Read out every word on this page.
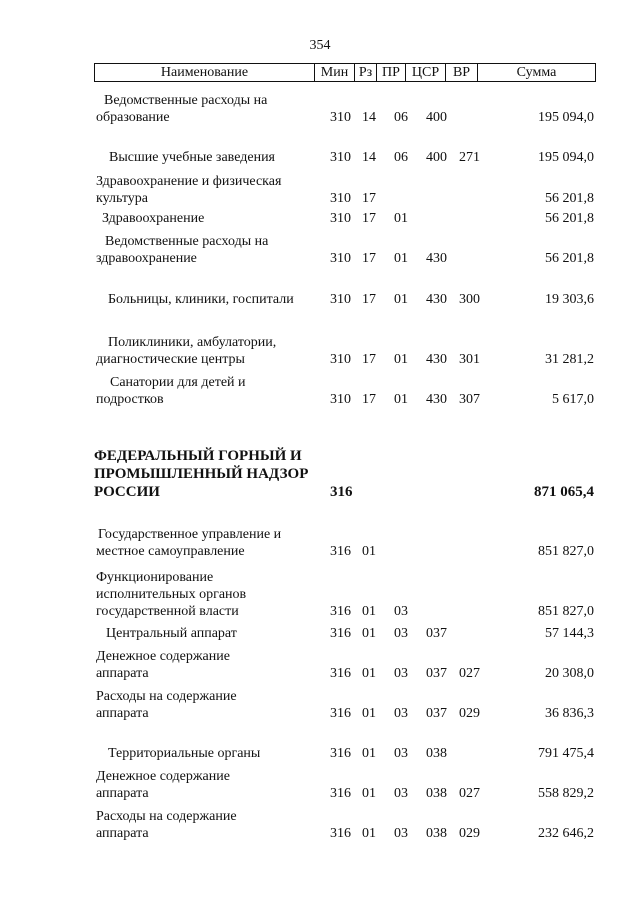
354
Наименование	Мин Рз ПР ЦСР ВР	Сумма
Ведомственные расходы на
образование	310 14 06 400	195 094,0
Высшие учебные заведения	310 14 06 400 271	195 094,0
Здравоохранение и физическая
культура	310 17	56 201,8
Здравоохранение	310 17 01	56 201,8
Ведомственные расходы на
здравоохранение	310 17 01 430	56 201,8
Больницы, клиники, госпитали	310 17 01 430 300	19 303,6
Поликлиники, амбулатории,
диагностические центры	310 17 01 430 301	31 281,2
Санатории для детей и
подростков	310 17 01 430 307	5 617,0
ФЕДЕРАЛЬНЫЙ ГОРНЫЙ И
ПРОМЫШЛЕННЫЙ НАДЗОР
РОССИИ	316	871 065,4
Государственное управление и
местное самоуправление	316 01	851 827,0
Функционирование
исполнительных органов
государственной власти	316 01 03	851 827,0
Центральный аппарат	316 01 03 037	57 144,3
Денежное содержание
аппарата	316 01 03 037 027	20 308,0
Расходы на содержание
аппарата	316 01 03 037 029	36 836,3
Территориальные органы	316 01 03 038	791 475,4
Денежное содержание
аппарата	316 01 03 038 027	558 829,2
Расходы на содержание
аппарата	316 01 03 038 029	232 646,2
